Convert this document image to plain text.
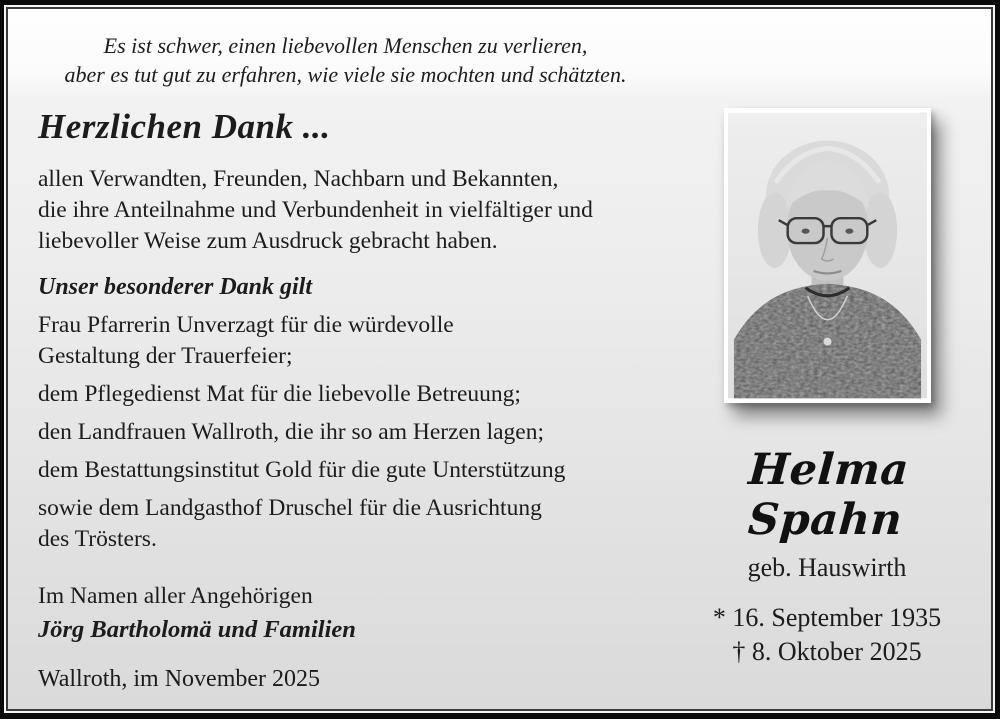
Es ist schwer, einen liebevollen Menschen zu verlieren,
aber es tut gut zu erfahren, wie viele sie mochten und schätzten.
Herzlichen Dank ...
allen Verwandten, Freunden, Nachbarn und Bekannten,
die ihre Anteilnahme und Verbundenheit in vielfältiger und
liebevoller Weise zum Ausdruck gebracht haben.
Unser besonderer Dank gilt

Frau Pfarrerin Unverzagt für die würdevolle
Gestaltung der Trauerfeier;

dem Pflegedienst Mat für die liebevolle Betreuung;

den Landfrauen Wallroth, die ihr so am Herzen lagen;

dem Bestattungsinstitut Gold für die gute Unterstützung

sowie dem Landgasthof Druschel für die Ausrichtung
des Trösters.

Im Namen aller Angehörigen
Jörg Bartholomä und Familien
Wallroth, im November 2025
Helma Spahn
geb. Hauswirth
* 16. September 1935
† 8. Oktober 2025
